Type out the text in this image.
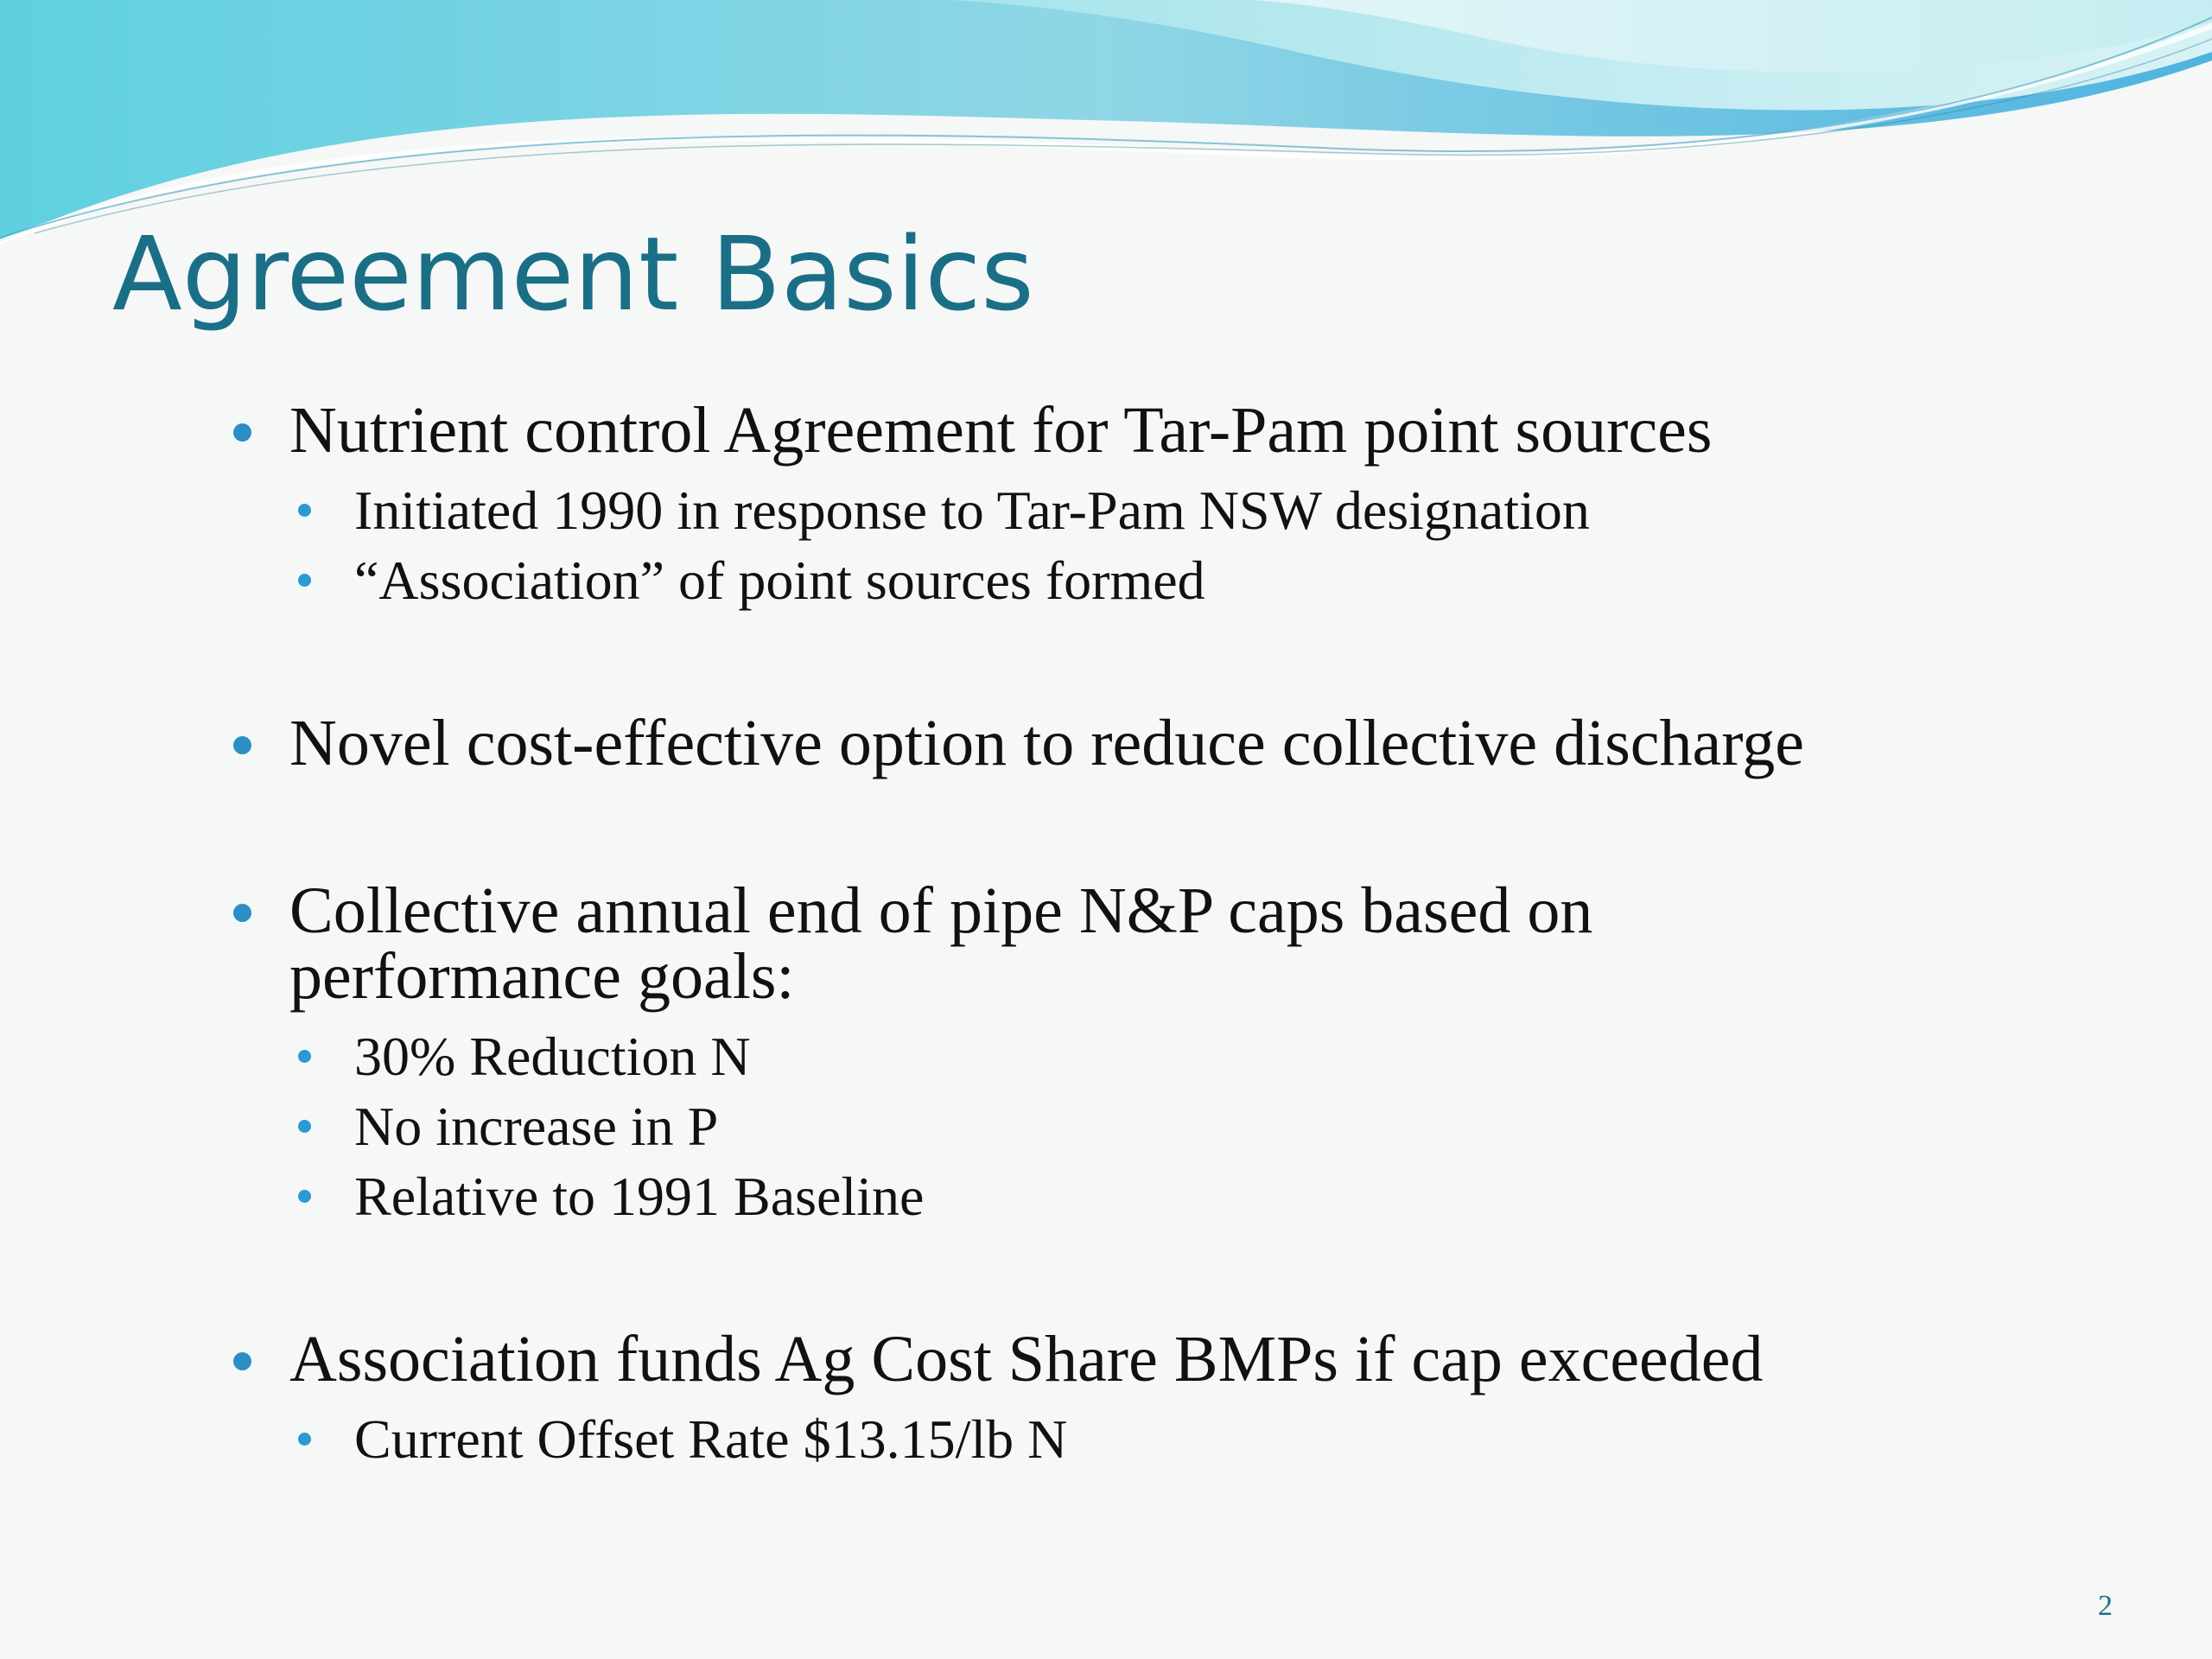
Agreement Basics
Nutrient control Agreement for Tar-Pam point sources
Initiated 1990 in response to Tar-Pam NSW designation
“Association” of point sources formed
Novel cost-effective option to reduce collective discharge
Collective annual end of pipe N&P caps based on performance goals:
30% Reduction N
No increase in P
Relative to 1991 Baseline
Association funds Ag Cost Share BMPs if cap exceeded
Current Offset Rate $13.15/lb N
2
